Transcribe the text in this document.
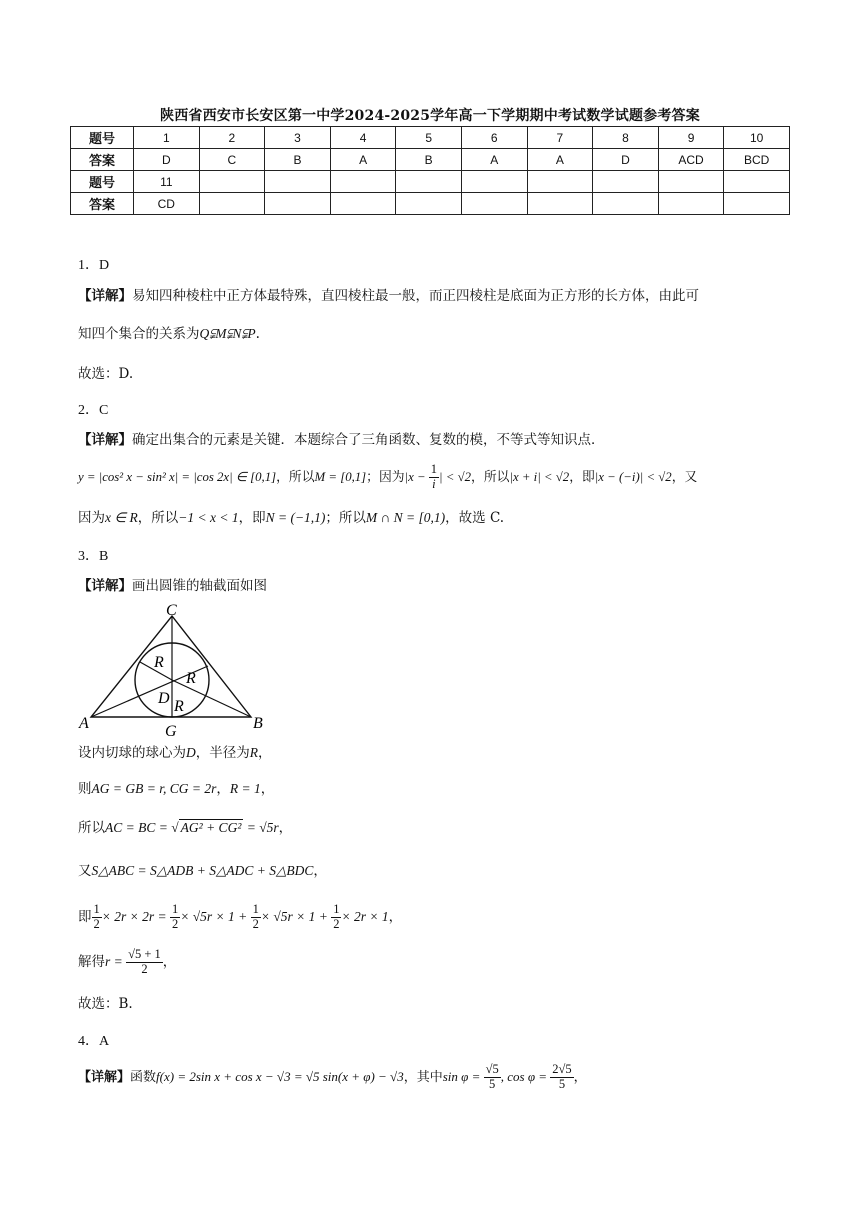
陕西省西安市长安区第一中学2024-2025学年高一下学期期中考试数学试题参考答案
题号	1	2	3	4	5	6	7	8	9	10
答案	D	C	B	A	B	A	A	D	ACD	BCD
题号	11									
答案	CD									
1．D
【详解】易知四种棱柱中正方体最特殊，直四棱柱最一般，而正四棱柱是底面为正方形的长方体，由此可
知四个集合的关系为Q⫋M⫋N⫋P.
故选：D.
2．C
【详解】确定出集合的元素是关键．本题综合了三角函数、复数的模，不等式等知识点．
y = |cos² x − sin² x| = |cos 2x| ∈ [0,1]，所以M = [0,1]；因为$|x - \frac{1}{i}$ | < √2，所以|x + i| < √2，即|x − (−i)| < √2，又
因为x ∈ R，所以−1 < x < 1，即N = (−1,1)；所以M ∩ N = [0,1)，故选 C.
3．B
【详解】画出圆锥的轴截面如图
C
A	B
G
D
R
R
R
设内切球的球心为D，半径为R，
则AG = GB = r, CG = 2r，R = 1，
所以AC = BC = √ AG² + CG² = √5r，
又S△ABC = S△ADB + S△ADC + S△BDC，
即 $\frac{1}{2} \times 2r \times 2r = \frac{1}{2} \times √5r \times 1 + \frac{1}{2} \times √5r \times 1 + \frac{1}{2} \times 2r \times 1$，
解得$r = \frac{√5 + 1}{2}$ ，
故选：B.
4．A
【详解】函数f(x) = 2sin x + cos x − √3 = √5 sin(x + φ) − √3，其中$\sin \varphi = \frac{√5}{5}$ , $\cos \varphi = \frac{2√5}{5}$ ，
